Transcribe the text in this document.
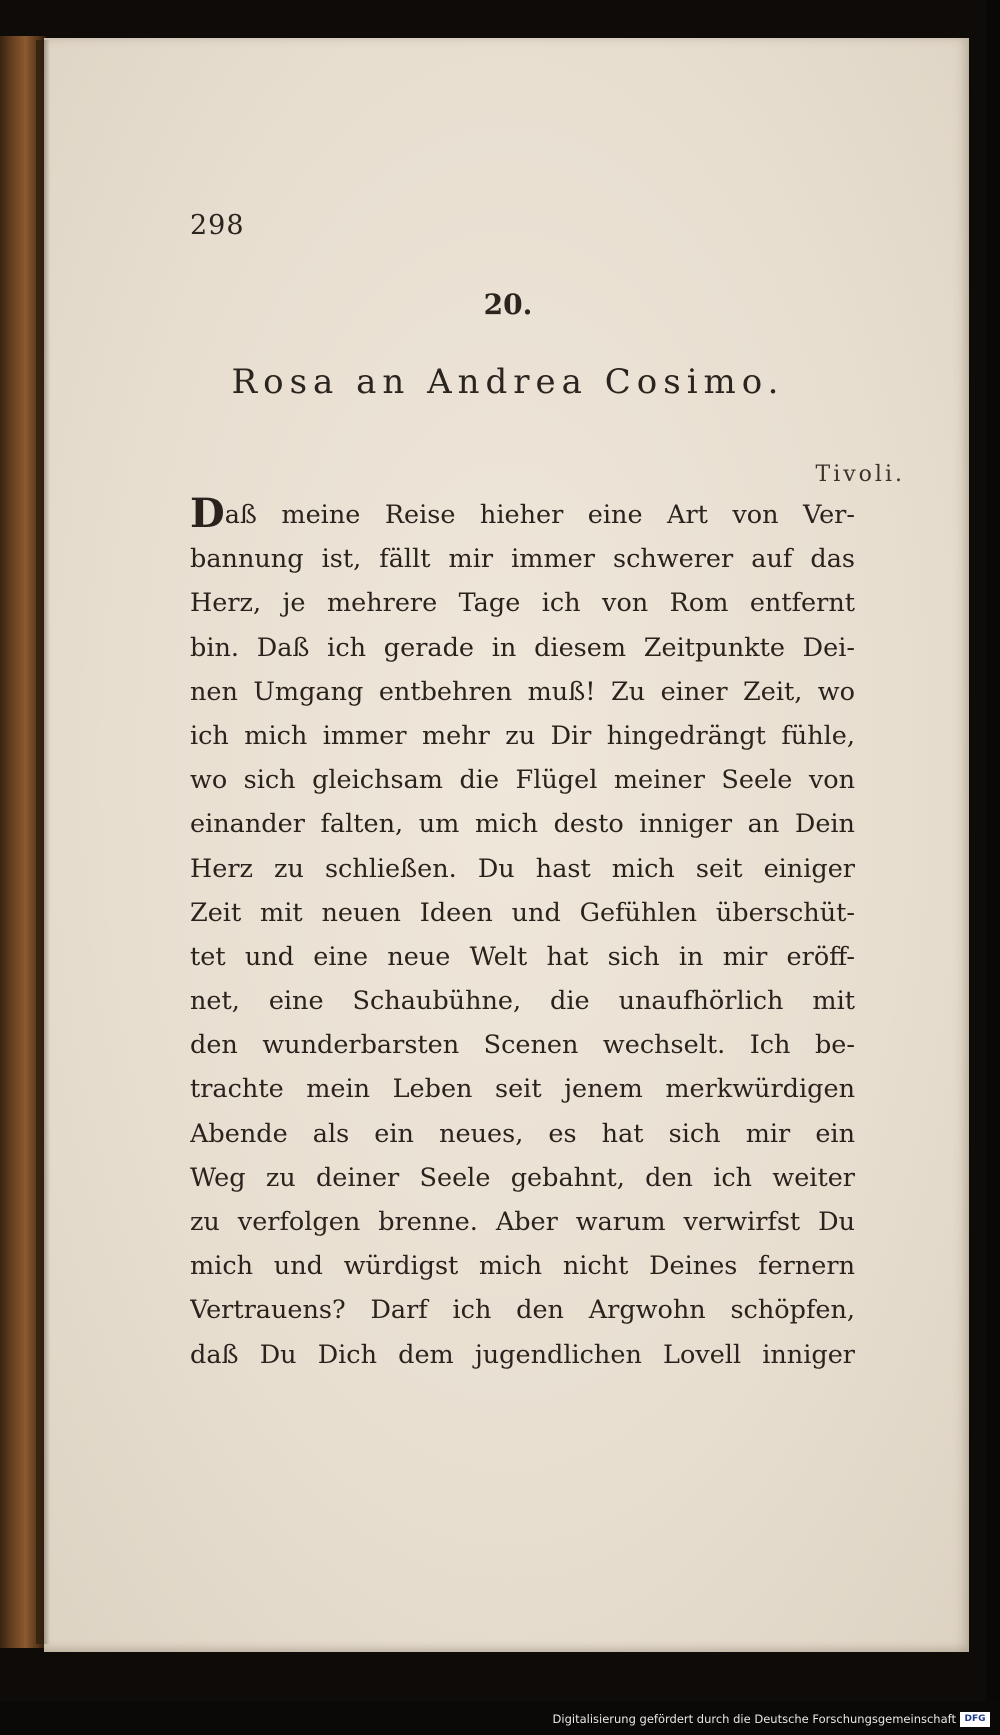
298
20.
Rosa an Andrea Cosimo.
Tivoli.
Daß meine Reise hieher eine Art von Ver-
bannung ist, fällt mir immer schwerer auf das
Herz, je mehrere Tage ich von Rom entfernt
bin. Daß ich gerade in diesem Zeitpunkte Dei-
nen Umgang entbehren muß! Zu einer Zeit, wo
ich mich immer mehr zu Dir hingedrängt fühle,
wo sich gleichsam die Flügel meiner Seele von
einander falten, um mich desto inniger an Dein
Herz zu schließen. Du hast mich seit einiger
Zeit mit neuen Ideen und Gefühlen überschüt-
tet und eine neue Welt hat sich in mir eröff-
net, eine Schaubühne, die unaufhörlich mit
den wunderbarsten Scenen wechselt. Ich be-
trachte mein Leben seit jenem merkwürdigen
Abende als ein neues, es hat sich mir ein
Weg zu deiner Seele gebahnt, den ich weiter
zu verfolgen brenne. Aber warum verwirfst Du
mich und würdigst mich nicht Deines fernern
Vertrauens? Darf ich den Argwohn schöpfen,
daß Du Dich dem jugendlichen Lovell inniger
Digitalisierung gefördert durch die Deutsche Forschungsgemeinschaft DFG
